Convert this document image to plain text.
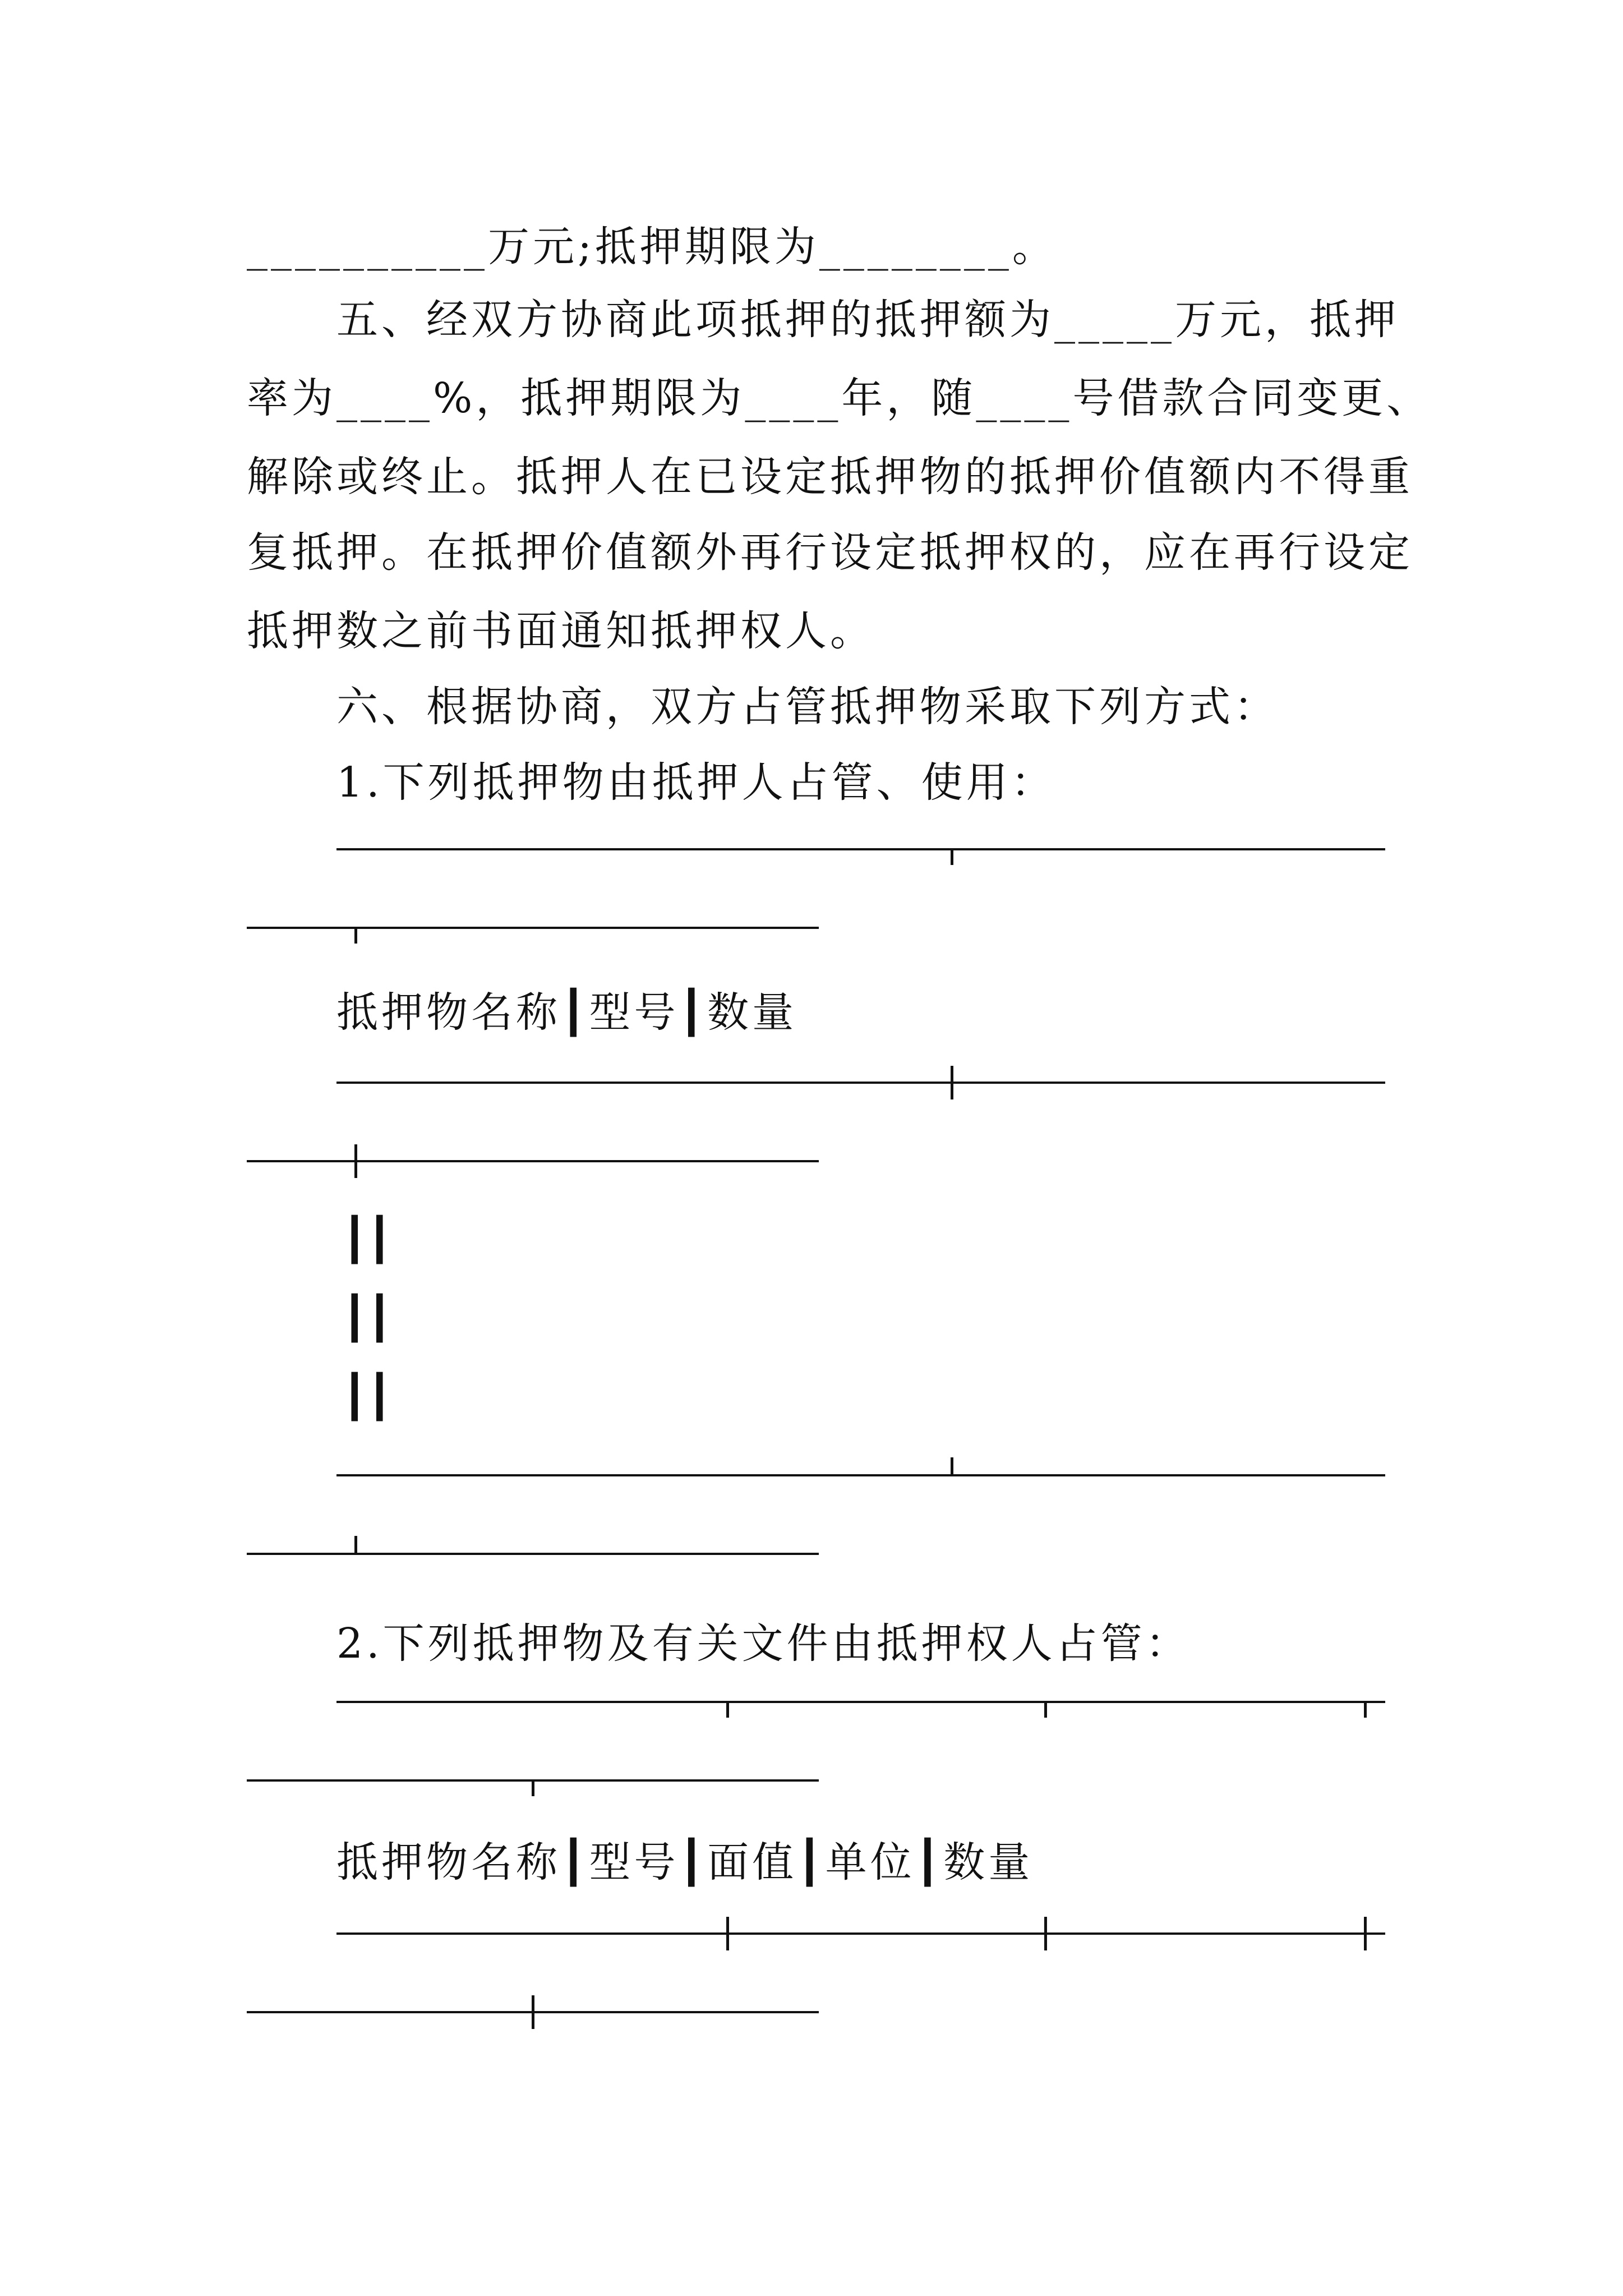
__________万元;抵押期限为________。
五、经双方协商此项抵押的抵押额为_____万元，抵押
率为____%，抵押期限为____年，随____号借款合同变更、
解除或终止。抵押人在已设定抵押物的抵押价值额内不得重
复抵押。在抵押价值额外再行设定抵押权的，应在再行设定
抵押数之前书面通知抵押权人。
六、根据协商，双方占管抵押物采取下列方式：
1.下列抵押物由抵押人占管、使用：
抵押物名称┃型号┃数量
┃┃
┃┃
┃┃
2.下列抵押物及有关文件由抵押权人占管：
抵押物名称┃型号┃面值┃单位┃数量
